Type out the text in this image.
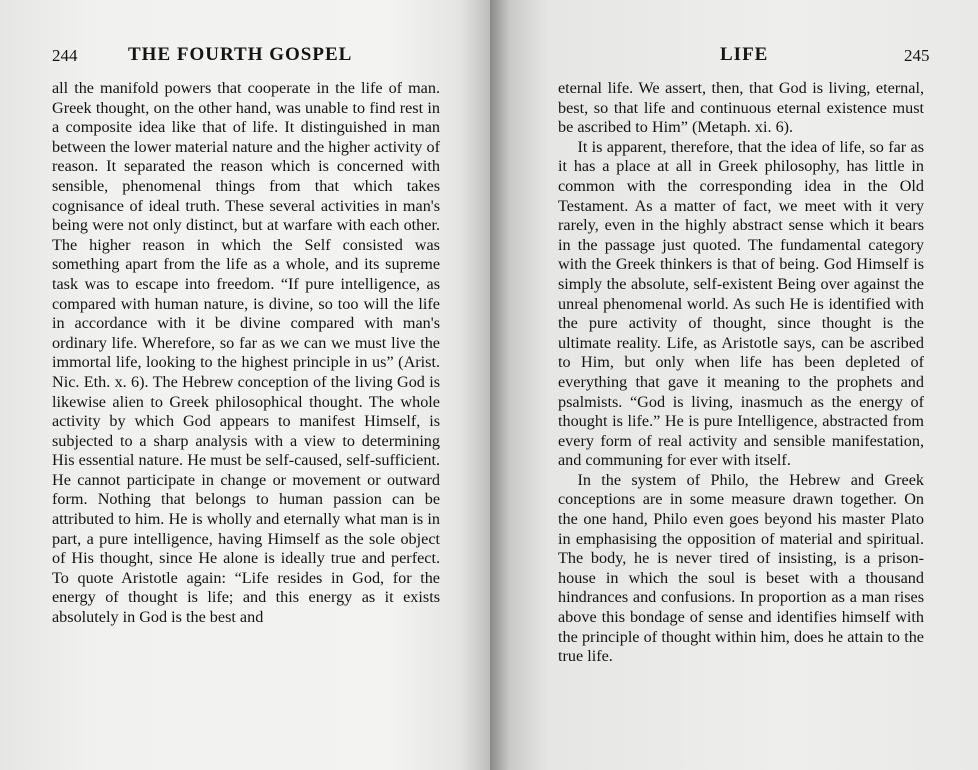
244	THE FOURTH GOSPEL

all the manifold powers that cooperate in the life of man. Greek thought, on the other hand, was unable to find rest in a composite idea like that of life. It distinguished in man between the lower material nature and the higher activity of reason. It separated the reason which is concerned with sensible, phenomenal things from that which takes cognisance of ideal truth. These several activities in man's being were not only distinct, but at warfare with each other. The higher reason in which the Self consisted was something apart from the life as a whole, and its supreme task was to escape into freedom. “If pure intelligence, as compared with human nature, is divine, so too will the life in accordance with it be divine compared with man's ordinary life. Wherefore, so far as we can we must live the immortal life, looking to the highest principle in us” (Arist. Nic. Eth. x. 6). The Hebrew conception of the living God is likewise alien to Greek philosophical thought. The whole activity by which God appears to manifest Himself, is subjected to a sharp analysis with a view to determining His essential nature. He must be self-caused, self-sufficient. He cannot participate in change or movement or outward form. Nothing that belongs to human passion can be attributed to him. He is wholly and eternally what man is in part, a pure intelligence, having Himself as the sole object of His thought, since He alone is ideally true and perfect. To quote Aristotle again: “Life resides in God, for the energy of thought is life; and this energy as it exists absolutely in God is the best and

LIFE	245

eternal life. We assert, then, that God is living, eternal, best, so that life and continuous eternal existence must be ascribed to Him” (Metaph. xi. 6).

It is apparent, therefore, that the idea of life, so far as it has a place at all in Greek philosophy, has little in common with the corresponding idea in the Old Testament. As a matter of fact, we meet with it very rarely, even in the highly abstract sense which it bears in the passage just quoted. The fundamental category with the Greek thinkers is that of being. God Himself is simply the absolute, self-existent Being over against the unreal phenomenal world. As such He is identified with the pure activity of thought, since thought is the ultimate reality. Life, as Aristotle says, can be ascribed to Him, but only when life has been depleted of everything that gave it meaning to the prophets and psalmists. “God is living, inasmuch as the energy of thought is life.” He is pure Intelligence, abstracted from every form of real activity and sensible manifestation, and communing for ever with itself.

In the system of Philo, the Hebrew and Greek conceptions are in some measure drawn together. On the one hand, Philo even goes beyond his master Plato in emphasising the opposition of material and spiritual. The body, he is never tired of insisting, is a prison-house in which the soul is beset with a thousand hindrances and confusions. In proportion as a man rises above this bondage of sense and identifies himself with the principle of thought within him, does he attain to the true life.
